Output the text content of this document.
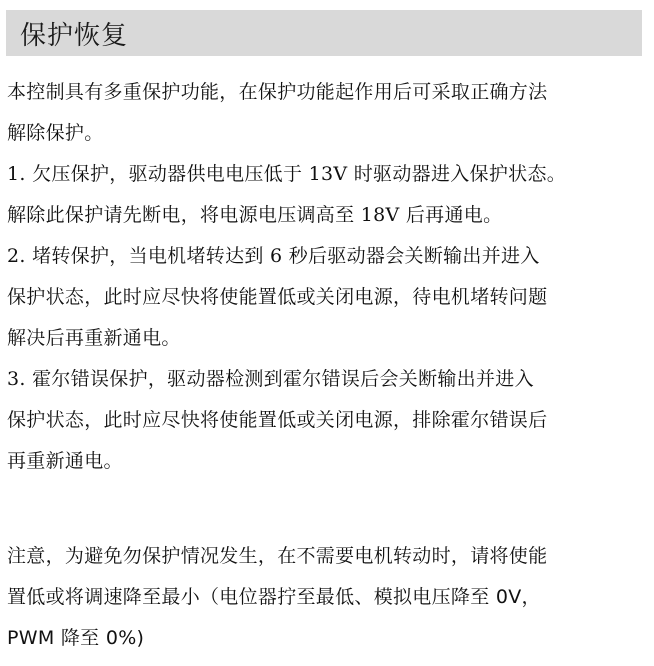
保护恢复

本控制具有多重保护功能，在保护功能起作用后可采取正确方法

解除保护。

1. 欠压保护，驱动器供电电压低于 13V 时驱动器进入保护状态。

解除此保护请先断电，将电源电压调高至 18V 后再通电。

2. 堵转保护，当电机堵转达到 6 秒后驱动器会关断输出并进入

保护状态，此时应尽快将使能置低或关闭电源，待电机堵转问题

解决后再重新通电。

3. 霍尔错误保护，驱动器检测到霍尔错误后会关断输出并进入

保护状态，此时应尽快将使能置低或关闭电源，排除霍尔错误后

再重新通电。

注意，为避免勿保护情况发生，在不需要电机转动时，请将使能

置低或将调速降至最小（电位器拧至最低、模拟电压降至 0V，

PWM 降至 0%)
